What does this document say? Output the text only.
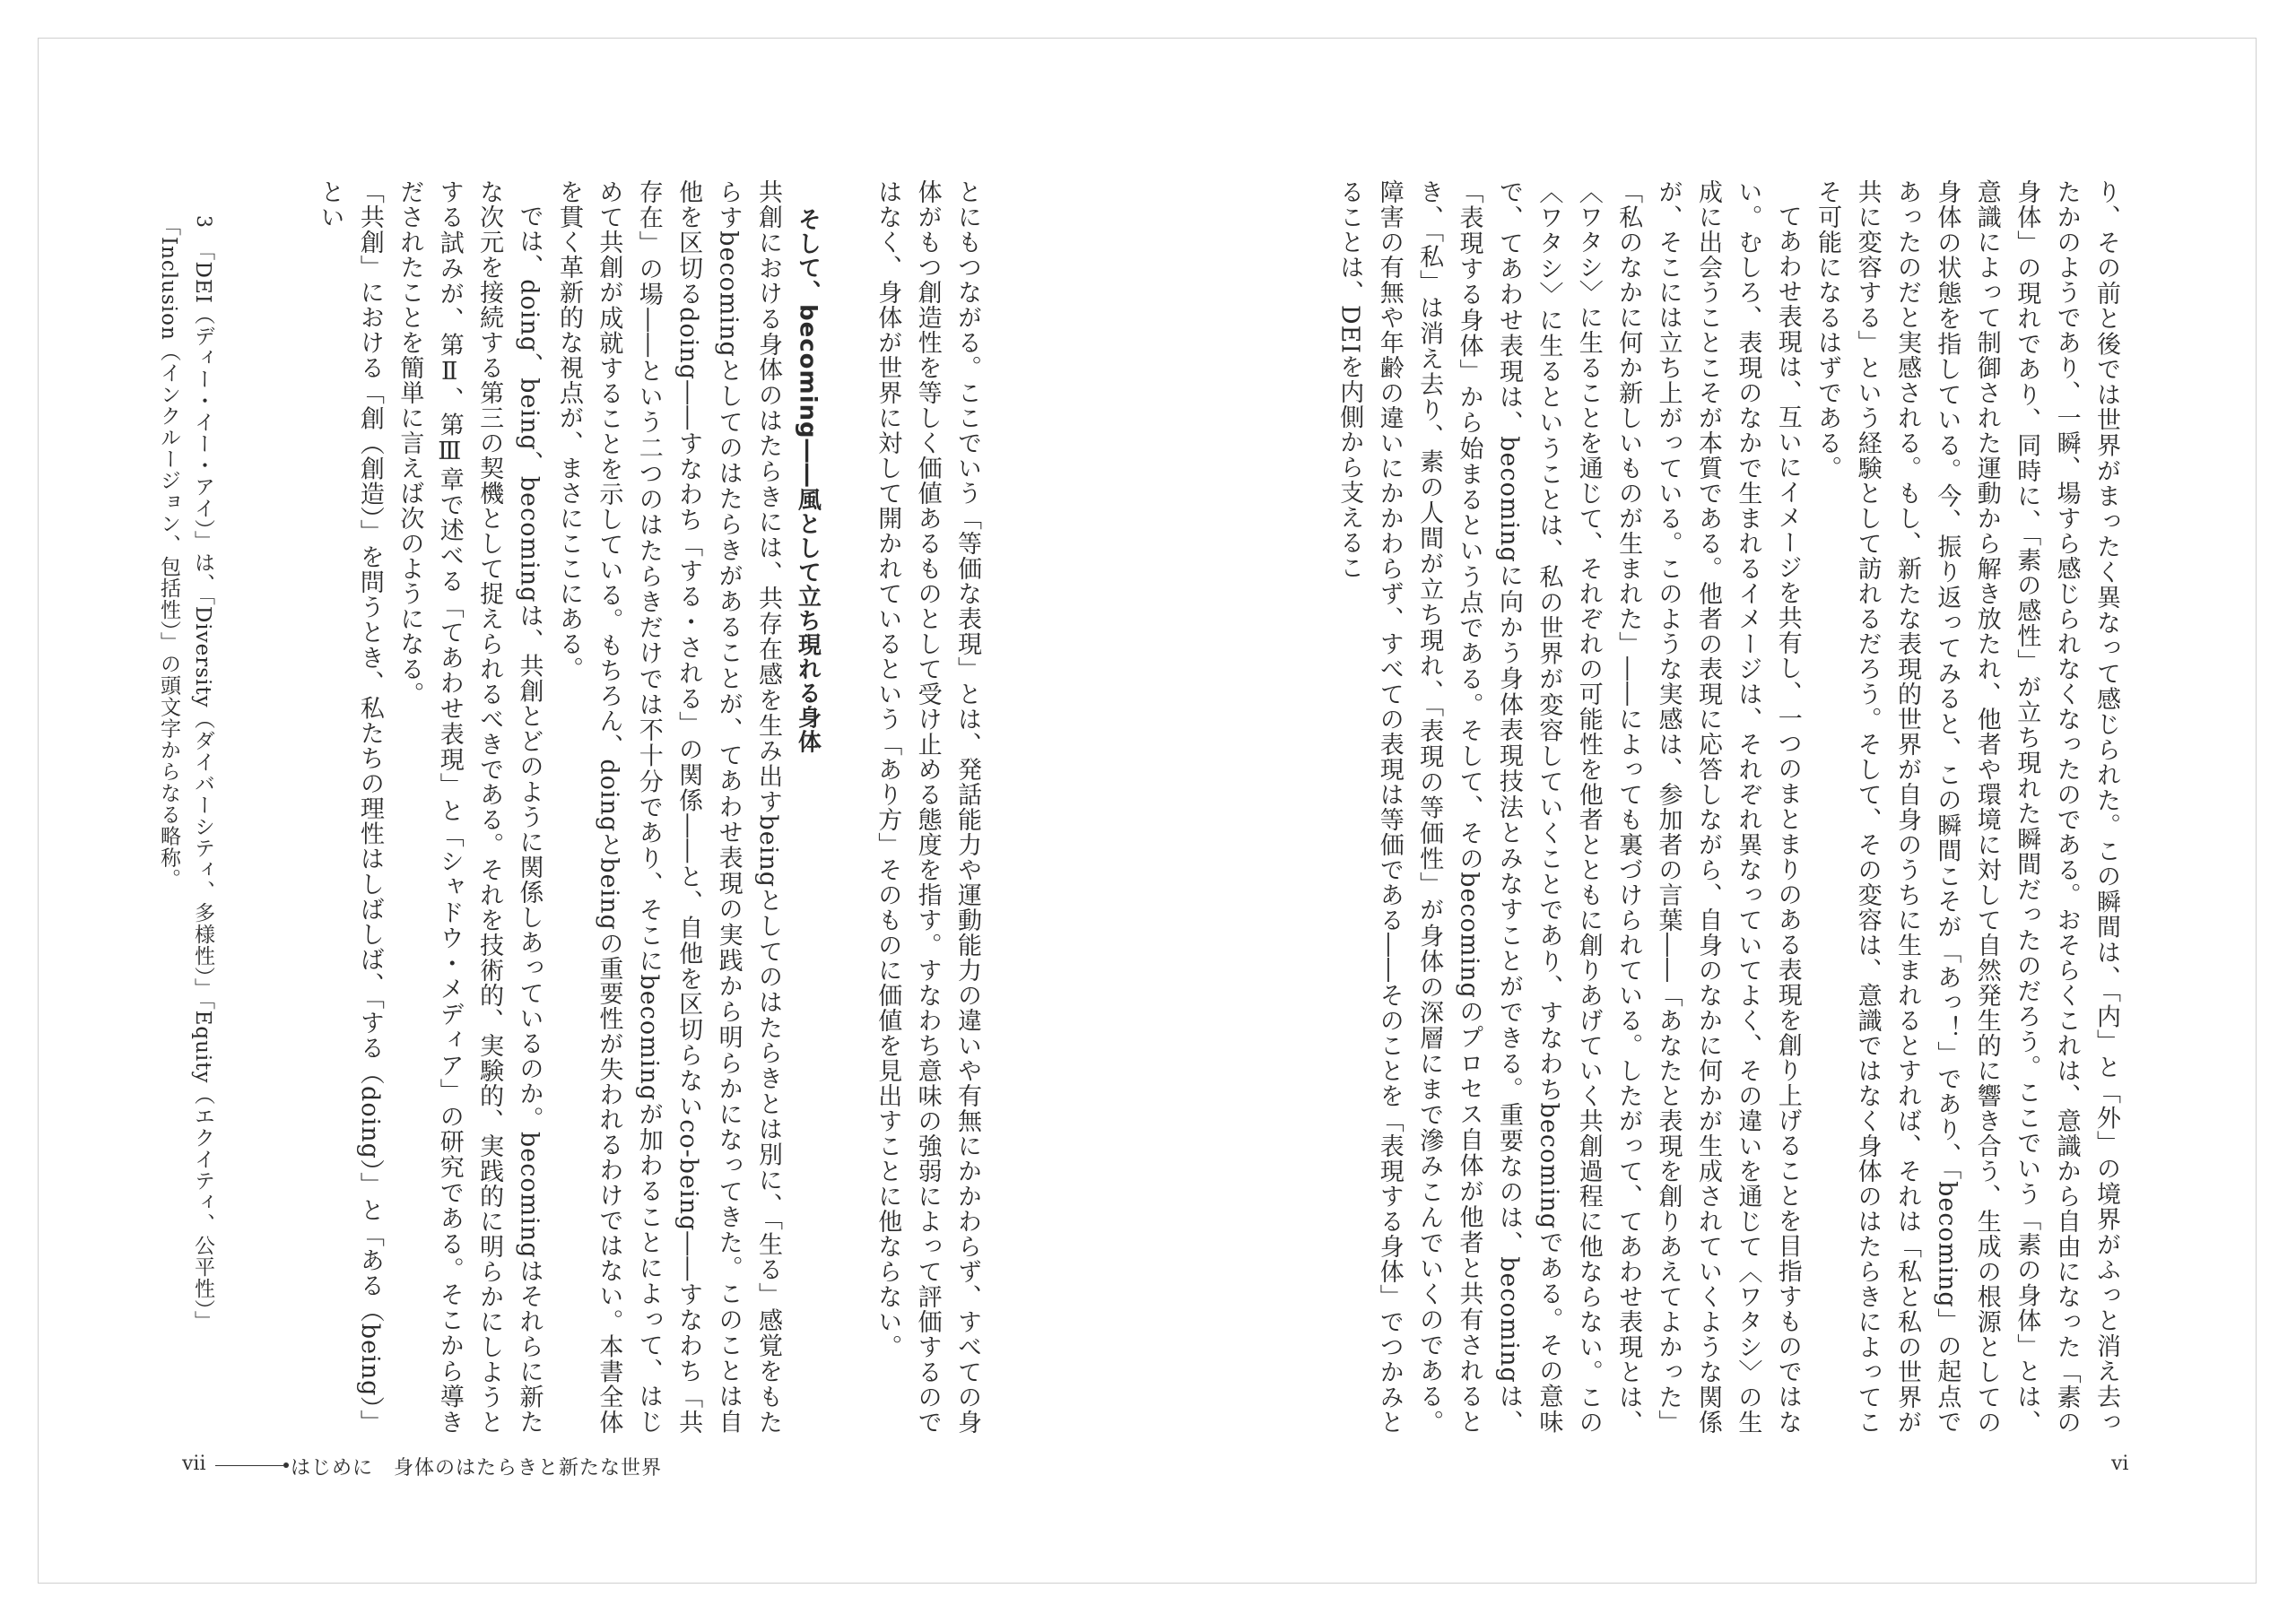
り、その前と後では世界がまったく異なって感じられた。この瞬間は、「内」と「外」の境界がふっと消え去ったかのようであり、一瞬、場すら感じられなくなったのである。おそらくこれは、意識から自由になった「素の身体」の現れであり、同時に、「素の感性」が立ち現れた瞬間だったのだろう。ここでいう「素の身体」とは、意識によって制御された運動から解き放たれ、他者や環境に対して自然発生的に響き合う、生成の根源としての身体の状態を指している。今、振り返ってみると、この瞬間こそが「あっ！」であり、「becoming」の起点であったのだと実感される。もし、新たな表現的世界が自身のうちに生まれるとすれば、それは「私と私の世界が共に変容する」という経験として訪れるだろう。そして、その変容は、意識ではなく身体のはたらきによってこそ可能になるはずである。

てあわせ表現は、互いにイメージを共有し、一つのまとまりのある表現を創り上げることを目指すものではない。むしろ、表現のなかで生まれるイメージは、それぞれ異なっていてよく、その違いを通じて〈ワタシ〉の生成に出会うことこそが本質である。他者の表現に応答しながら、自身のなかに何かが生成されていくような関係が、そこには立ち上がっている。このような実感は、参加者の言葉――「あなたと表現を創りあえてよかった」「私のなかに何か新しいものが生まれた」――によっても裏づけられている。したがって、てあわせ表現とは、〈ワタシ〉に生ることを通じて、それぞれの可能性を他者とともに創りあげていく共創過程に他ならない。この〈ワタシ〉に生るということは、私の世界が変容していくことであり、すなわちbecomingである。その意味で、てあわせ表現は、becomingに向かう身体表現技法とみなすことができる。重要なのは、becomingは、「表現する身体」から始まるという点である。そして、そのbecomingのプロセス自体が他者と共有されるとき、「私」は消え去り、素の人間が立ち現れ、「表現の等価性」が身体の深層にまで滲みこんでいくのである。障害の有無や年齢の違いにかかわらず、すべての表現は等価である――そのことを「表現する身体」でつかみとることは、DEIを内側から支えるこ

vi

とにもつながる。ここでいう「等価な表現」とは、発話能力や運動能力の違いや有無にかかわらず、すべての身体がもつ創造性を等しく価値あるものとして受け止める態度を指す。すなわち意味の強弱によって評価するのではなく、身体が世界に対して開かれているという「あり方」そのものに価値を見出すことに他ならない。

そして、becoming――風として立ち現れる身体

共創における身体のはたらきには、共存在感を生み出すbeingとしてのはたらきとは別に、「生る」感覚をもたらすbecomingとしてのはたらきがあることが、てあわせ表現の実践から明らかになってきた。このことは自他を区切るdoing――すなわち「する・される」の関係――と、自他を区切らないco-being――すなわち「共存在」の場――という二つのはたらきだけでは不十分であり、そこにbecomingが加わることによって、はじめて共創が成就することを示している。もちろん、doingとbeingの重要性が失われるわけではない。本書全体を貫く革新的な視点が、まさにここにある。

では、doing、being、becomingは、共創とどのように関係しあっているのか。becomingはそれらに新たな次元を接続する第三の契機として捉えられるべきである。それを技術的、実験的、実践的に明らかにしようとする試みが、第Ⅱ、第Ⅲ章で述べる「てあわせ表現」と「シャドウ・メディア」の研究である。そこから導きだされたことを簡単に言えば次のようになる。

「共創」における「創（創造）」を問うとき、私たちの理性はしばしば、「する（doing）」と「ある（being）」とい

3　「DEI（ディー・イー・アイ）」は、「Diversity（ダイバーシティ、多様性）」「Equity（エクイティ、公平性）」「Inclusion（インクルージョン、包括性）」の頭文字からなる略称。
vii	はじめに　身体のはたらきと新たな世界
